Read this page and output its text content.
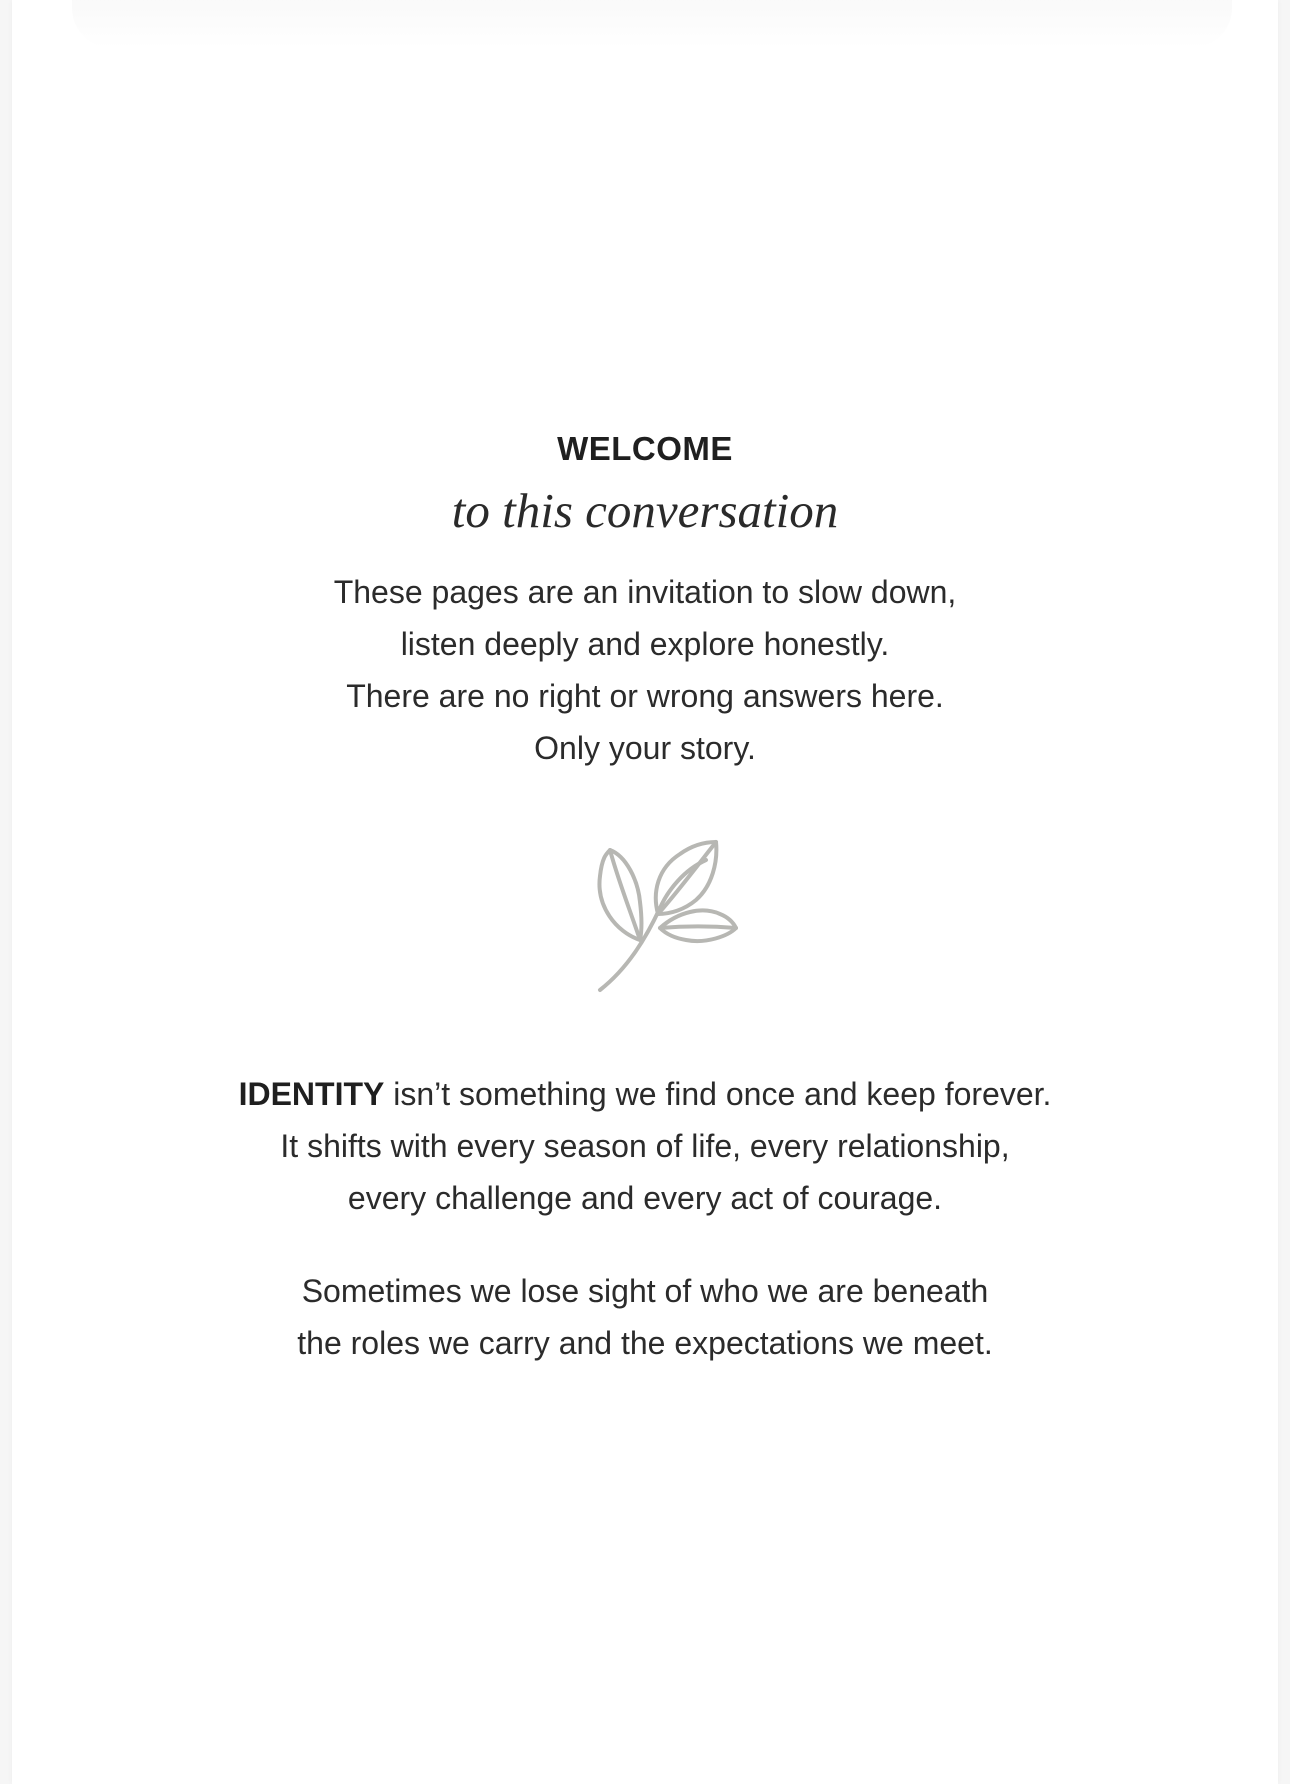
WELCOME
to this conversation
These pages are an invitation to slow down,
listen deeply and explore honestly.
There are no right or wrong answers here.
Only your story.
IDENTITY isn’t something we find once and keep forever.
It shifts with every season of life, every relationship,
every challenge and every act of courage.
Sometimes we lose sight of who we are beneath
the roles we carry and the expectations we meet.
